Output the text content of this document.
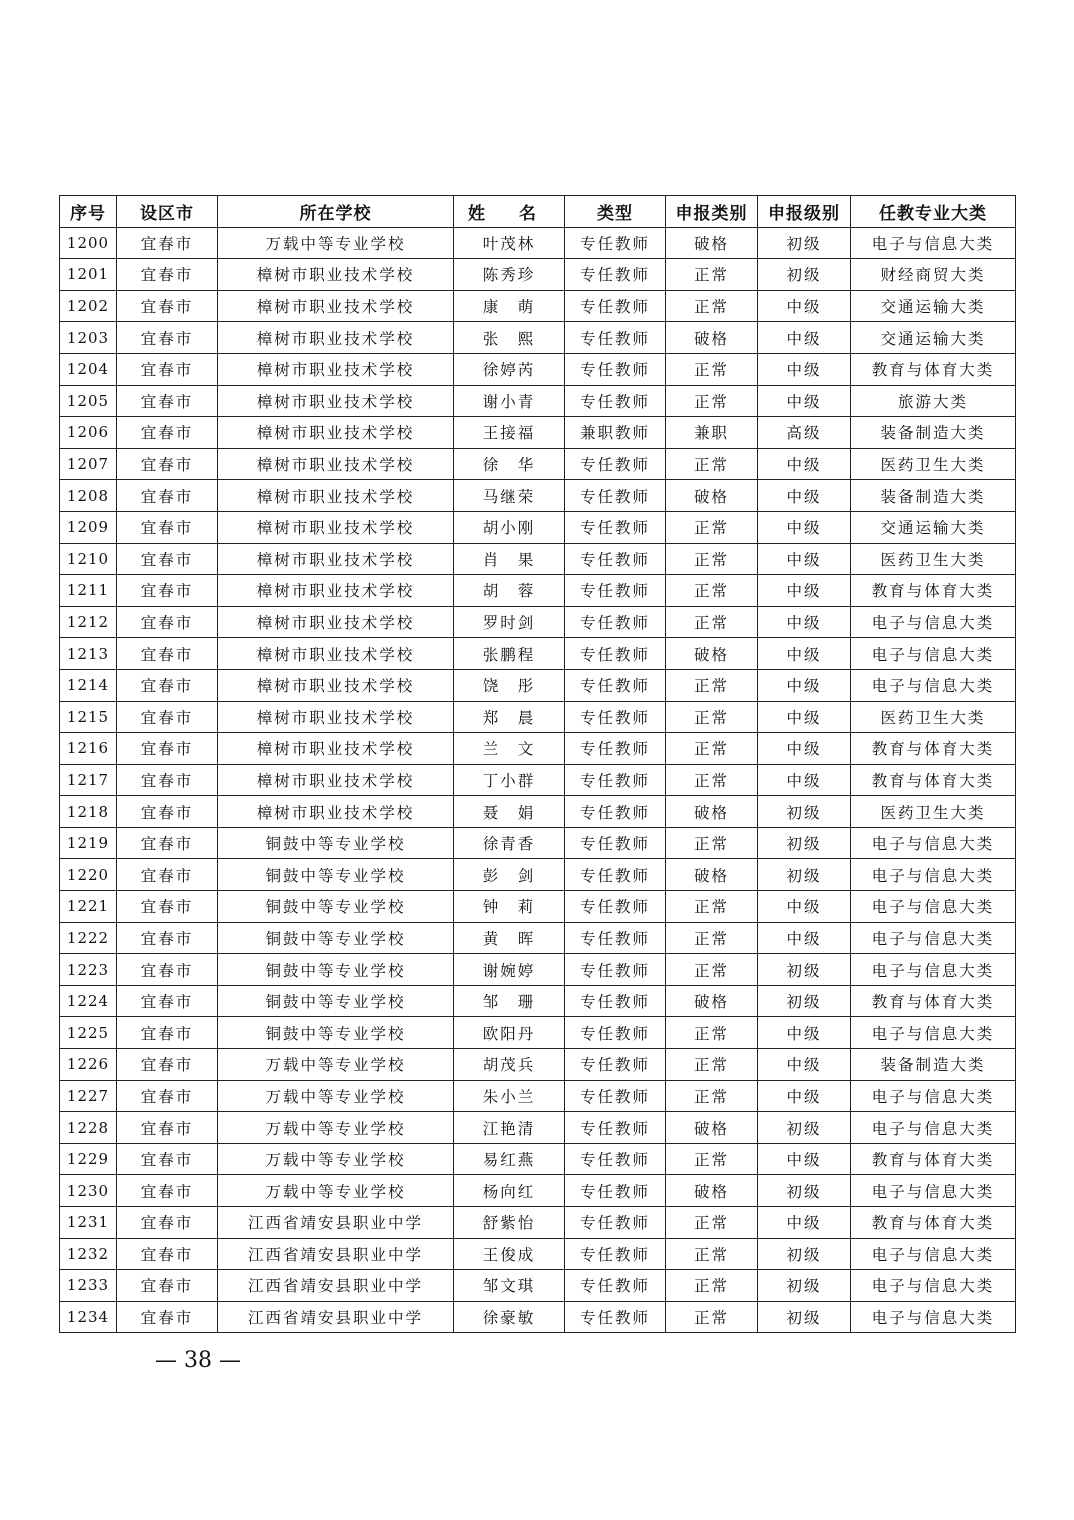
序号	设区市	所在学校	姓 名	类型	申报类别	申报级别	任教专业大类
1200	宜春市	万载中等专业学校	叶茂林	专任教师	破格	初级	电子与信息大类
1201	宜春市	樟树市职业技术学校	陈秀珍	专任教师	正常	初级	财经商贸大类
1202	宜春市	樟树市职业技术学校	康　萌	专任教师	正常	中级	交通运输大类
1203	宜春市	樟树市职业技术学校	张　熙	专任教师	破格	中级	交通运输大类
1204	宜春市	樟树市职业技术学校	徐婷芮	专任教师	正常	中级	教育与体育大类
1205	宜春市	樟树市职业技术学校	谢小青	专任教师	正常	中级	旅游大类
1206	宜春市	樟树市职业技术学校	王接福	兼职教师	兼职	高级	装备制造大类
1207	宜春市	樟树市职业技术学校	徐　华	专任教师	正常	中级	医药卫生大类
1208	宜春市	樟树市职业技术学校	马继荣	专任教师	破格	中级	装备制造大类
1209	宜春市	樟树市职业技术学校	胡小刚	专任教师	正常	中级	交通运输大类
1210	宜春市	樟树市职业技术学校	肖　果	专任教师	正常	中级	医药卫生大类
1211	宜春市	樟树市职业技术学校	胡　蓉	专任教师	正常	中级	教育与体育大类
1212	宜春市	樟树市职业技术学校	罗时剑	专任教师	正常	中级	电子与信息大类
1213	宜春市	樟树市职业技术学校	张鹏程	专任教师	破格	中级	电子与信息大类
1214	宜春市	樟树市职业技术学校	饶　彤	专任教师	正常	中级	电子与信息大类
1215	宜春市	樟树市职业技术学校	郑　晨	专任教师	正常	中级	医药卫生大类
1216	宜春市	樟树市职业技术学校	兰　文	专任教师	正常	中级	教育与体育大类
1217	宜春市	樟树市职业技术学校	丁小群	专任教师	正常	中级	教育与体育大类
1218	宜春市	樟树市职业技术学校	聂　娟	专任教师	破格	初级	医药卫生大类
1219	宜春市	铜鼓中等专业学校	徐青香	专任教师	正常	初级	电子与信息大类
1220	宜春市	铜鼓中等专业学校	彭　剑	专任教师	破格	初级	电子与信息大类
1221	宜春市	铜鼓中等专业学校	钟　莉	专任教师	正常	中级	电子与信息大类
1222	宜春市	铜鼓中等专业学校	黄　晖	专任教师	正常	中级	电子与信息大类
1223	宜春市	铜鼓中等专业学校	谢婉婷	专任教师	正常	初级	电子与信息大类
1224	宜春市	铜鼓中等专业学校	邹　珊	专任教师	破格	初级	教育与体育大类
1225	宜春市	铜鼓中等专业学校	欧阳丹	专任教师	正常	中级	电子与信息大类
1226	宜春市	万载中等专业学校	胡茂兵	专任教师	正常	中级	装备制造大类
1227	宜春市	万载中等专业学校	朱小兰	专任教师	正常	中级	电子与信息大类
1228	宜春市	万载中等专业学校	江艳清	专任教师	破格	初级	电子与信息大类
1229	宜春市	万载中等专业学校	易红燕	专任教师	正常	中级	教育与体育大类
1230	宜春市	万载中等专业学校	杨向红	专任教师	破格	初级	电子与信息大类
1231	宜春市	江西省靖安县职业中学	舒紫怡	专任教师	正常	中级	教育与体育大类
1232	宜春市	江西省靖安县职业中学	王俊成	专任教师	正常	初级	电子与信息大类
1233	宜春市	江西省靖安县职业中学	邹文琪	专任教师	正常	初级	电子与信息大类
1234	宜春市	江西省靖安县职业中学	徐豪敏	专任教师	正常	初级	电子与信息大类
— 38 —
